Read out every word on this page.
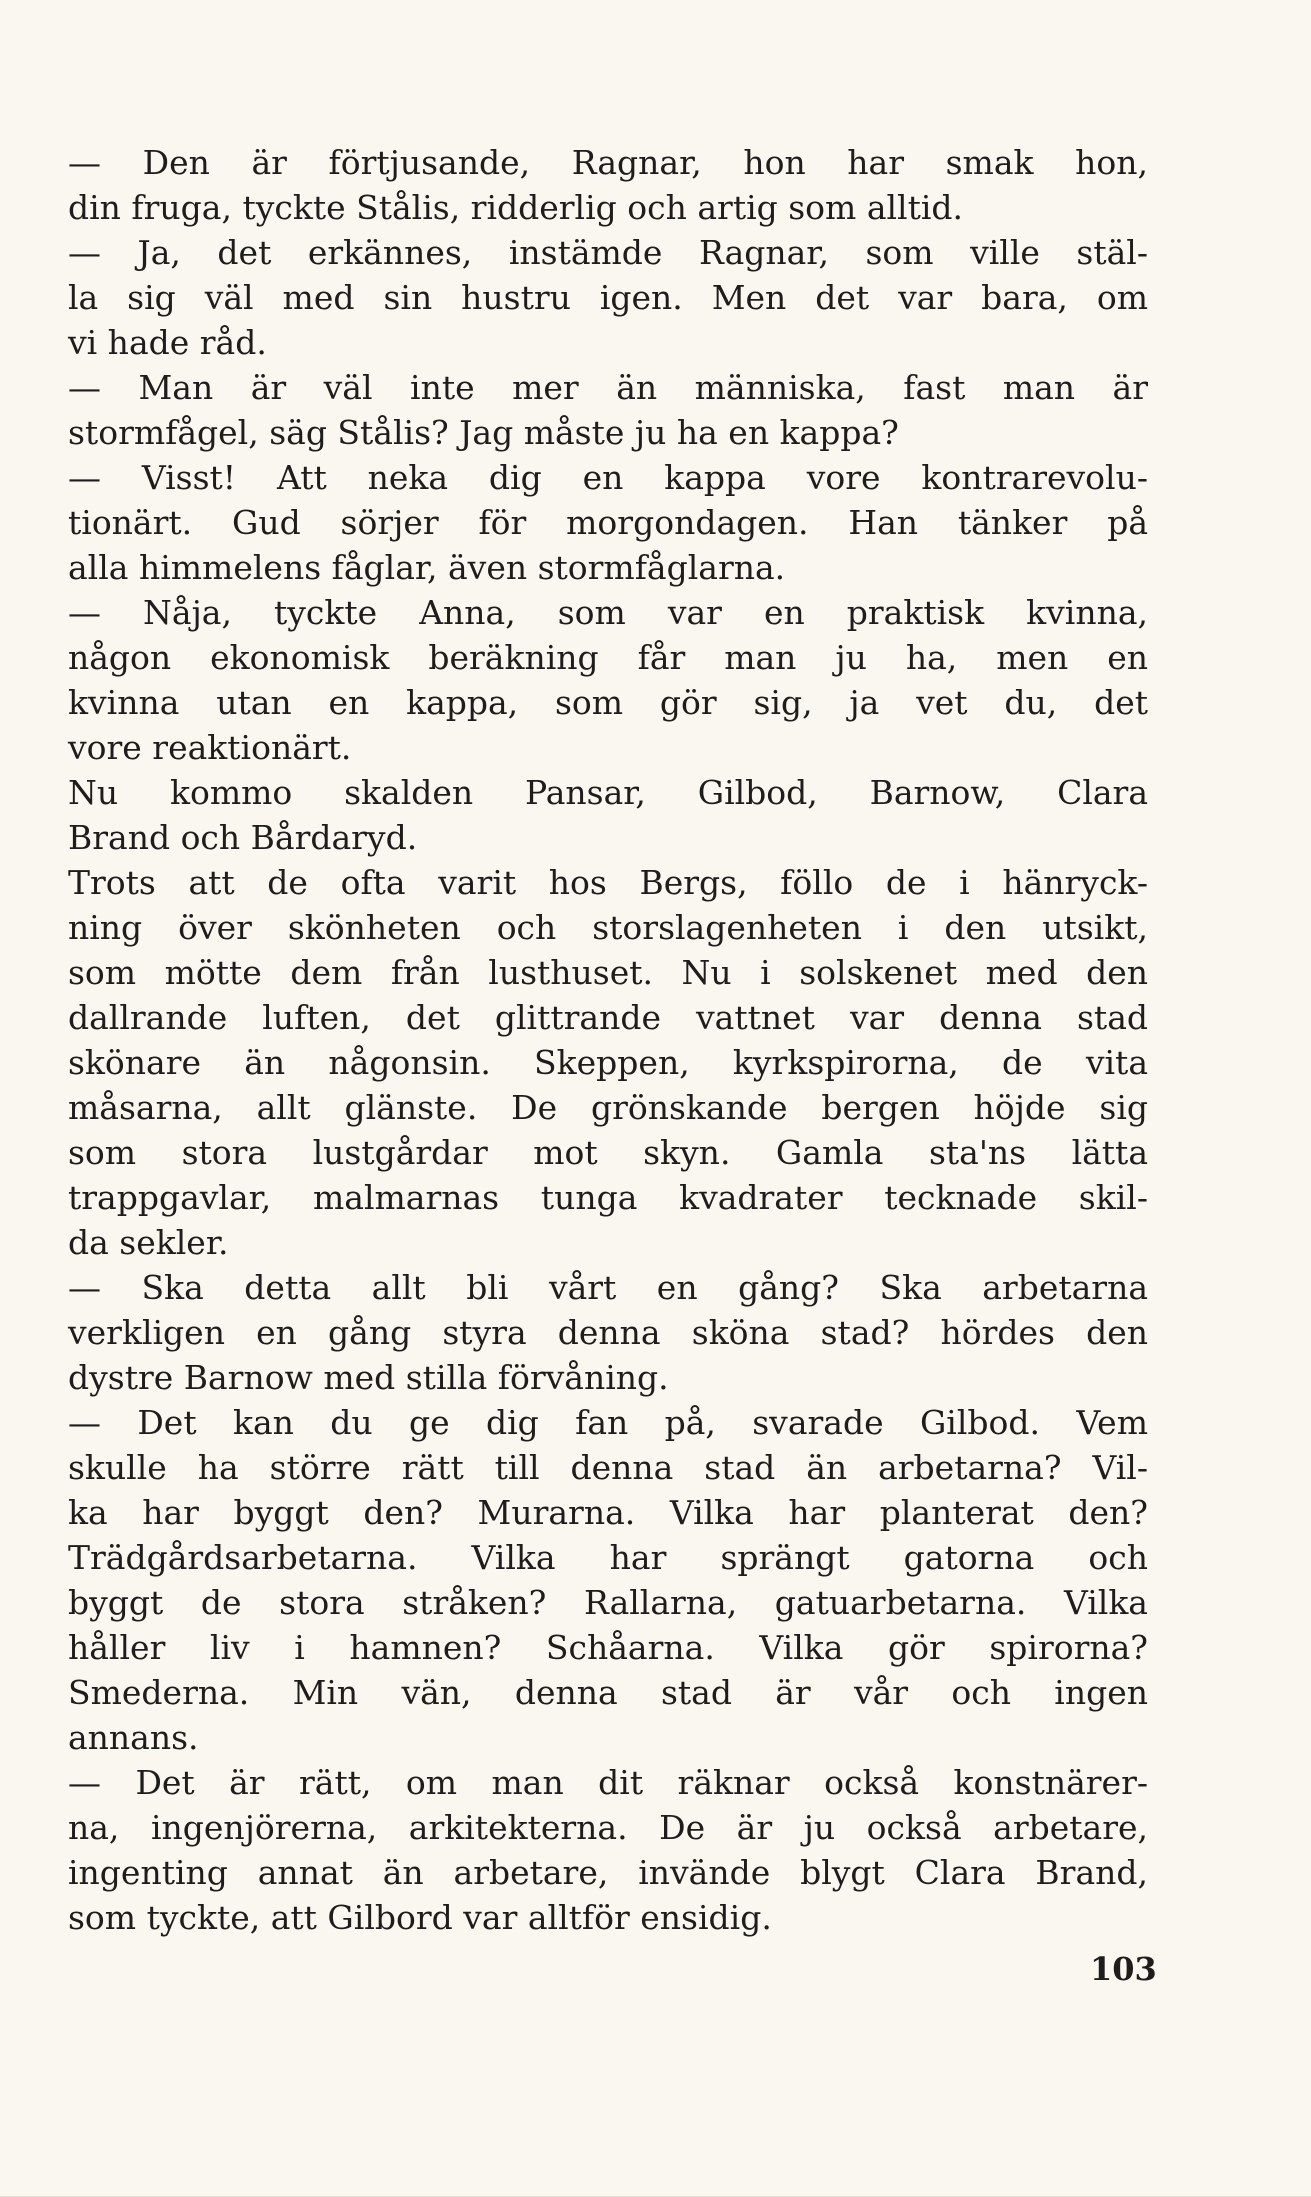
— Den är förtjusande, Ragnar, hon har smak hon,
din fruga, tyckte Stålis, ridderlig och artig som alltid.
— Ja, det erkännes, instämde Ragnar, som ville stäl-
la sig väl med sin hustru igen. Men det var bara, om
vi hade råd.
— Man är väl inte mer än människa, fast man är
stormfågel, säg Stålis? Jag måste ju ha en kappa?
— Visst! Att neka dig en kappa vore kontrarevolu-
tionärt. Gud sörjer för morgondagen. Han tänker på
alla himmelens fåglar, även stormfåglarna.
— Nåja, tyckte Anna, som var en praktisk kvinna,
någon ekonomisk beräkning får man ju ha, men en
kvinna utan en kappa, som gör sig, ja vet du, det
vore reaktionärt.
Nu kommo skalden Pansar, Gilbod, Barnow, Clara
Brand och Bårdaryd.
Trots att de ofta varit hos Bergs, föllo de i hänryck-
ning över skönheten och storslagenheten i den utsikt,
som mötte dem från lusthuset. Nu i solskenet med den
dallrande luften, det glittrande vattnet var denna stad
skönare än någonsin. Skeppen, kyrkspirorna, de vita
måsarna, allt glänste. De grönskande bergen höjde sig
som stora lustgårdar mot skyn. Gamla sta'ns lätta
trappgavlar, malmarnas tunga kvadrater tecknade skil-
da sekler.
— Ska detta allt bli vårt en gång? Ska arbetarna
verkligen en gång styra denna sköna stad? hördes den
dystre Barnow med stilla förvåning.
— Det kan du ge dig fan på, svarade Gilbod. Vem
skulle ha större rätt till denna stad än arbetarna? Vil-
ka har byggt den? Murarna. Vilka har planterat den?
Trädgårdsarbetarna. Vilka har sprängt gatorna och
byggt de stora stråken? Rallarna, gatuarbetarna. Vilka
håller liv i hamnen? Schåarna. Vilka gör spirorna?
Smederna. Min vän, denna stad är vår och ingen
annans.
— Det är rätt, om man dit räknar också konstnärer-
na, ingenjörerna, arkitekterna. De är ju också arbetare,
ingenting annat än arbetare, invände blygt Clara Brand,
som tyckte, att Gilbord var alltför ensidig.
103
